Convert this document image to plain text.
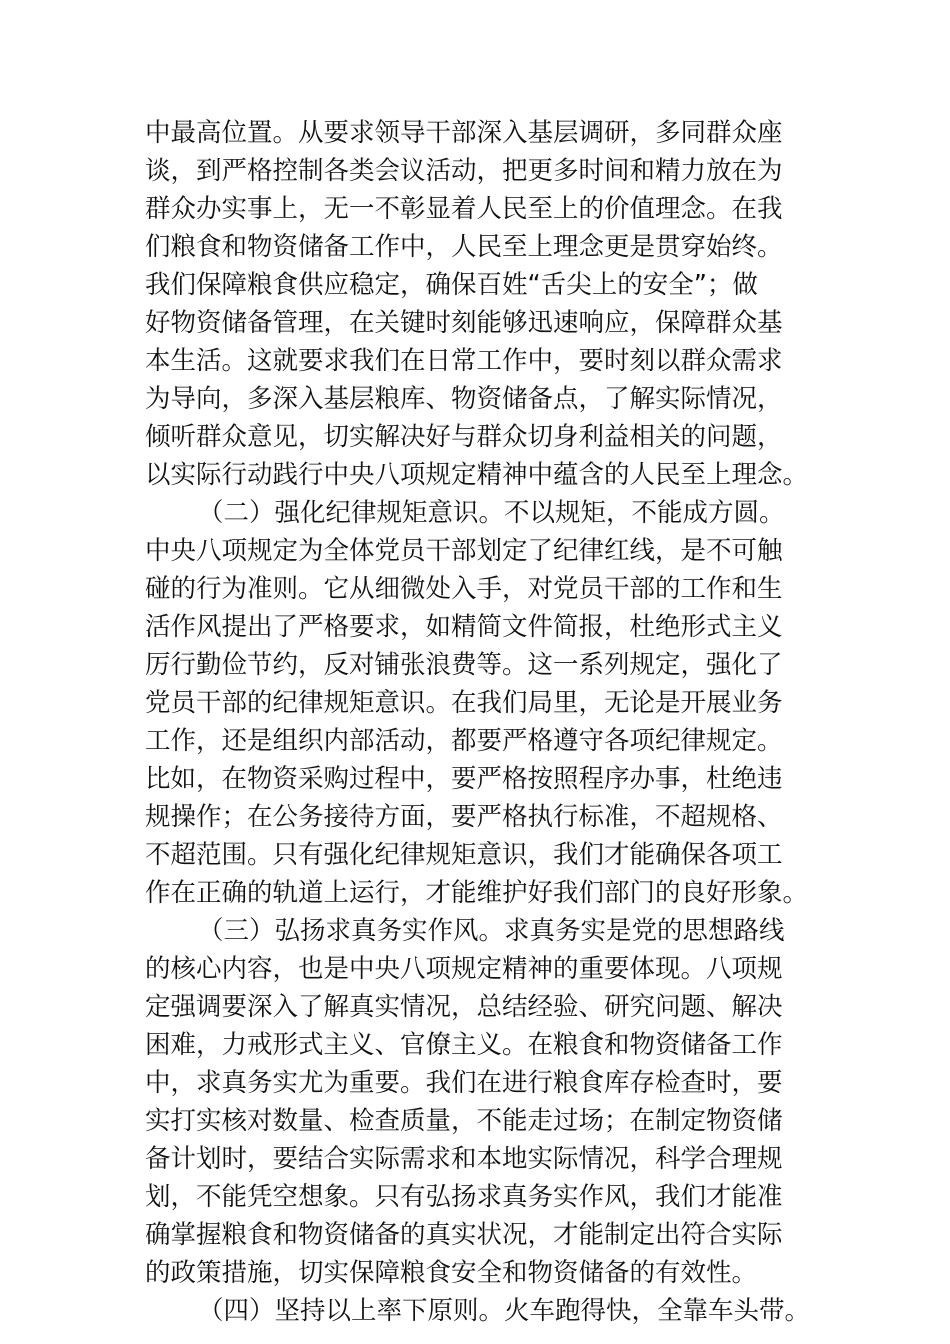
中最高位置。从要求领导干部深入基层调研，多同群众座
谈，到严格控制各类会议活动，把更多时间和精力放在为
群众办实事上，无一不彰显着人民至上的价值理念。在我
们粮食和物资储备工作中，人民至上理念更是贯穿始终。
我们保障粮食供应稳定，确保百姓“舌尖上的安全”；做
好物资储备管理，在关键时刻能够迅速响应，保障群众基
本生活。这就要求我们在日常工作中，要时刻以群众需求
为导向，多深入基层粮库、物资储备点，了解实际情况，
倾听群众意见，切实解决好与群众切身利益相关的问题，
以实际行动践行中央八项规定精神中蕴含的人民至上理念。
（二）强化纪律规矩意识。不以规矩，不能成方圆。
中央八项规定为全体党员干部划定了纪律红线，是不可触
碰的行为准则。它从细微处入手，对党员干部的工作和生
活作风提出了严格要求，如精简文件简报，杜绝形式主义
厉行勤俭节约，反对铺张浪费等。这一系列规定，强化了
党员干部的纪律规矩意识。在我们局里，无论是开展业务
工作，还是组织内部活动，都要严格遵守各项纪律规定。
比如，在物资采购过程中，要严格按照程序办事，杜绝违
规操作；在公务接待方面，要严格执行标准，不超规格、
不超范围。只有强化纪律规矩意识，我们才能确保各项工
作在正确的轨道上运行，才能维护好我们部门的良好形象。
（三）弘扬求真务实作风。求真务实是党的思想路线
的核心内容，也是中央八项规定精神的重要体现。八项规
定强调要深入了解真实情况，总结经验、研究问题、解决
困难，力戒形式主义、官僚主义。在粮食和物资储备工作
中，求真务实尤为重要。我们在进行粮食库存检查时，要
实打实核对数量、检查质量，不能走过场；在制定物资储
备计划时，要结合实际需求和本地实际情况，科学合理规
划，不能凭空想象。只有弘扬求真务实作风，我们才能准
确掌握粮食和物资储备的真实状况，才能制定出符合实际
的政策措施，切实保障粮食安全和物资储备的有效性。
（四）坚持以上率下原则。火车跑得快，全靠车头带。
